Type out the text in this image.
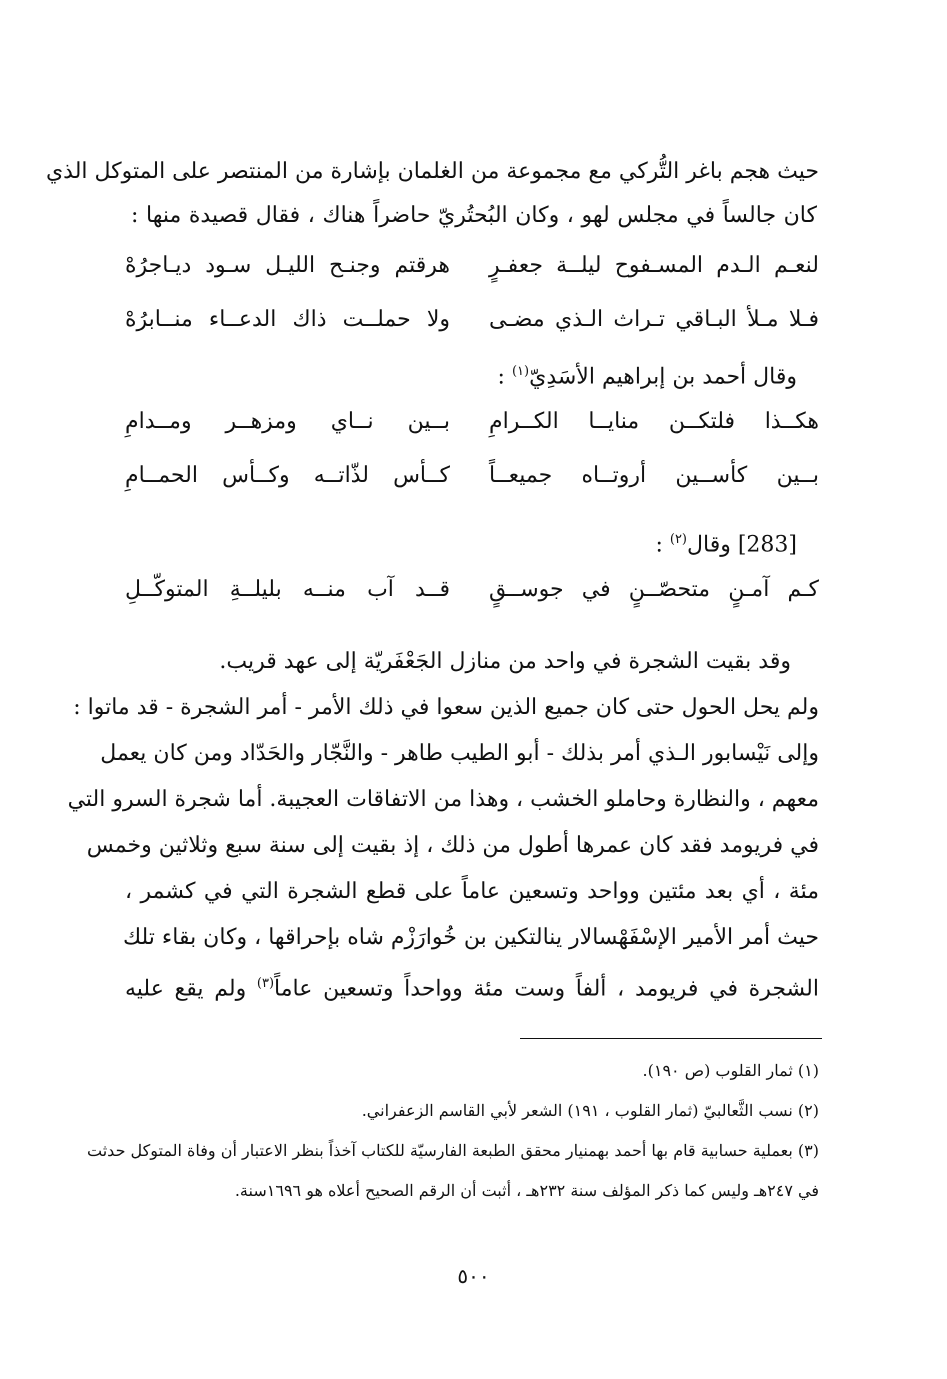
حيث هجم باغر التُّركي مع مجموعة من الغلمان بإشارة من المنتصر على المتوكل الذي
كان جالساً في مجلس لهو ، وكان البُحتُريّ حاضراً هناك ، فقال قصيدة منها :
لنعـم الـدم المسـفوح ليلــة جعفـرٍ
هرقتم وجنـح الليـل سـود ديـاجرُهْ
فـلا مـلأ البـاقي تـراث الـذي مضـى
ولا حملــت ذاك الدعــاء منــابرُهْ
وقال أحمد بن إبراهيم الأسَدِيّ$^{(١)}$ :
هكــذا فلتكــن منايــا الكــرامِ
بــين نــاي ومزهــر ومــدامِ
بــين كأســين أروتــاه جميعــاً
كــأس لذّاتــه وكــأس الحمــامِ
[283] وقال$^{(٢)}$ :
كـم آمـنٍ متحصّــنٍ في جوســقٍ
قــد آب منــه بليلــةِ المتوكّــلِ
وقد بقيت الشجرة في واحد من منازل الجَعْفَريّة إلى عهد قريب.
ولم يحل الحول حتى كان جميع الذين سعوا في ذلك الأمر - أمر الشجرة - قد ماتوا :
وإلى نَيْسابور الـذي أمر بذلك - أبو الطيب طاهر - والنَّجّار والحَدّاد ومن كان يعمل
معهم ، والنظارة وحاملو الخشب ، وهذا من الاتفاقات العجيبة. أما شجرة السرو التي
في فريومد فقد كان عمرها أطول من ذلك ، إذ بقيت إلى سنة سبع وثلاثين وخمس
مئة ، أي بعد مئتين وواحد وتسعين عاماً على قطع الشجرة التي في كشمر ،
حيث أمر الأمير الإسْفَهْسالار ينالتكين بن خُوارَزْم شاه بإحراقها ، وكان بقاء تلك
الشجرة في فريومد ، ألفاً وست مئة وواحداً وتسعين عاماً$^{(٣)}$ ولم يقع عليه
(١) ثمار القلوب (ص ١٩٠).
(٢) نسب الثَّعالبيّ (ثمار القلوب ، ١٩١) الشعر لأبي القاسم الزعفراني.
(٣) بعملية حسابية قام بها أحمد بهمنيار محقق الطبعة الفارسيّة للكتاب آخذاً بنظر الاعتبار أن وفاة المتوكل حدثت
في ٢٤٧هـ وليس كما ذكر المؤلف سنة ٢٣٢هـ ، أثبت أن الرقم الصحيح أعلاه هو ١٦٩٦سنة.
٥٠٠
